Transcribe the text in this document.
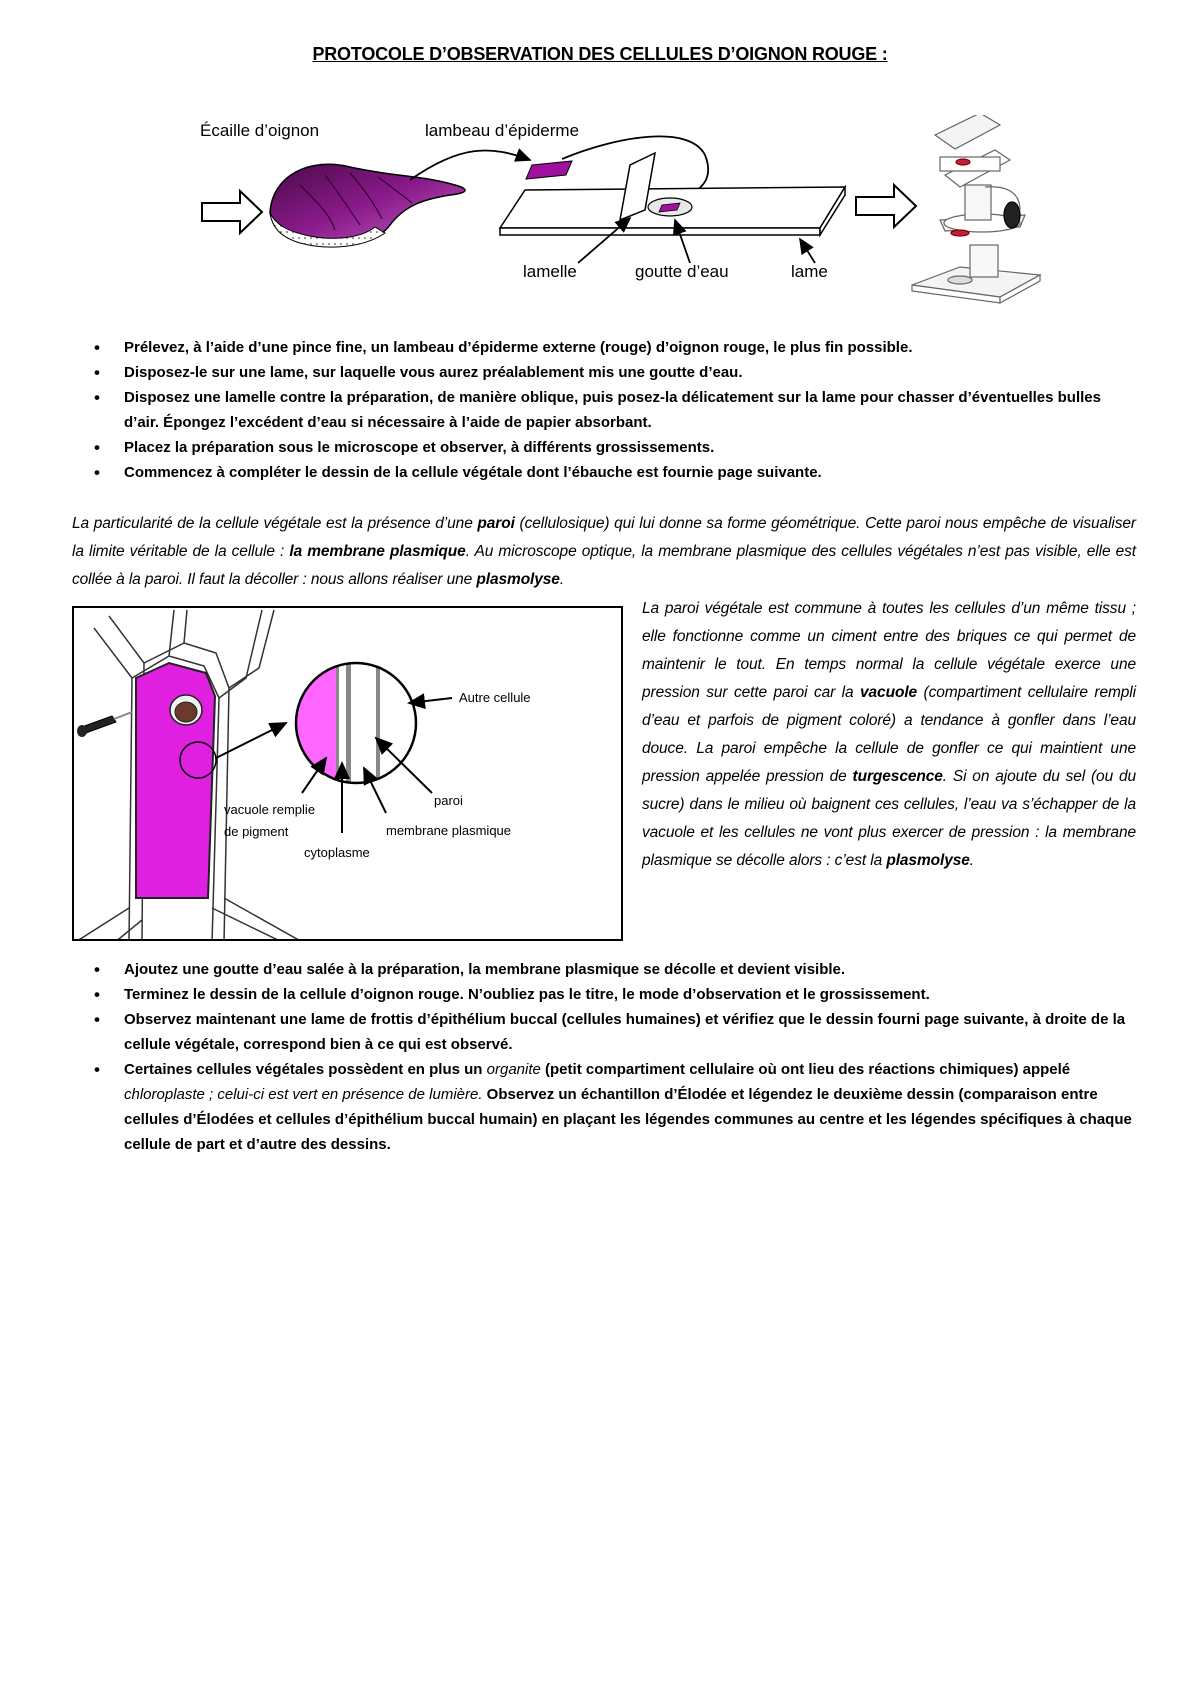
PROTOCOLE D’OBSERVATION DES CELLULES D’OIGNON ROUGE :
Écaille d’oignon	lambeau d’épiderme
lamelle	goutte d’eau	lame
• Prélevez, à l’aide d’une pince fine, un lambeau d’épiderme externe (rouge) d’oignon rouge, le plus fin possible.
• Disposez-le sur une lame, sur laquelle vous aurez préalablement mis une goutte d’eau.
• Disposez une lamelle contre la préparation, de manière oblique, puis posez-la délicatement sur la lame pour chasser d’éventuelles bulles d’air. Épongez l’excédent d’eau si nécessaire à l’aide de papier absorbant.
• Placez la préparation sous le microscope et observer, à différents grossissements.
• Commencez à compléter le dessin de la cellule végétale dont l’ébauche est fournie page suivante.
La particularité de la cellule végétale est la présence d’une paroi (cellulosique) qui lui donne sa forme géométrique. Cette paroi nous empêche de visualiser la limite véritable de la cellule : la membrane plasmique. Au microscope optique, la membrane plasmique des cellules végétales n’est pas visible, elle est collée à la paroi. Il faut la décoller : nous allons réaliser une plasmolyse.
Autre cellule
paroi
vacuole remplie
de pigment	membrane plasmique
cytoplasme
La paroi végétale est commune à toutes les cellules d’un même tissu ; elle fonctionne comme un ciment entre des briques ce qui permet de maintenir le tout. En temps normal la cellule végétale exerce une pression sur cette paroi car la vacuole (compartiment cellulaire rempli d’eau et parfois de pigment coloré) a tendance à gonfler dans l’eau douce. La paroi empêche la cellule de gonfler ce qui maintient une pression appelée pression de turgescence. Si on ajoute du sel (ou du sucre) dans le milieu où baignent ces cellules, l’eau va s’échapper de la vacuole et les cellules ne vont plus exercer de pression : la membrane plasmique se décolle alors : c’est la plasmolyse.
• Ajoutez une goutte d’eau salée à la préparation, la membrane plasmique se décolle et devient visible.
• Terminez le dessin de la cellule d’oignon rouge. N’oubliez pas le titre, le mode d’observation et le grossissement.
• Observez maintenant une lame de frottis d’épithélium buccal (cellules humaines) et vérifiez que le dessin fourni page suivante, à droite de la cellule végétale, correspond bien à ce qui est observé.
• Certaines cellules végétales possèdent en plus un organite (petit compartiment cellulaire où ont lieu des réactions chimiques) appelé chloroplaste ; celui-ci est vert en présence de lumière. Observez un échantillon d’Élodée et légendez le deuxième dessin (comparaison entre cellules d’Élodées et cellules d’épithélium buccal humain) en plaçant les légendes communes au centre et les légendes spécifiques à chaque cellule de part et d’autre des dessins.
